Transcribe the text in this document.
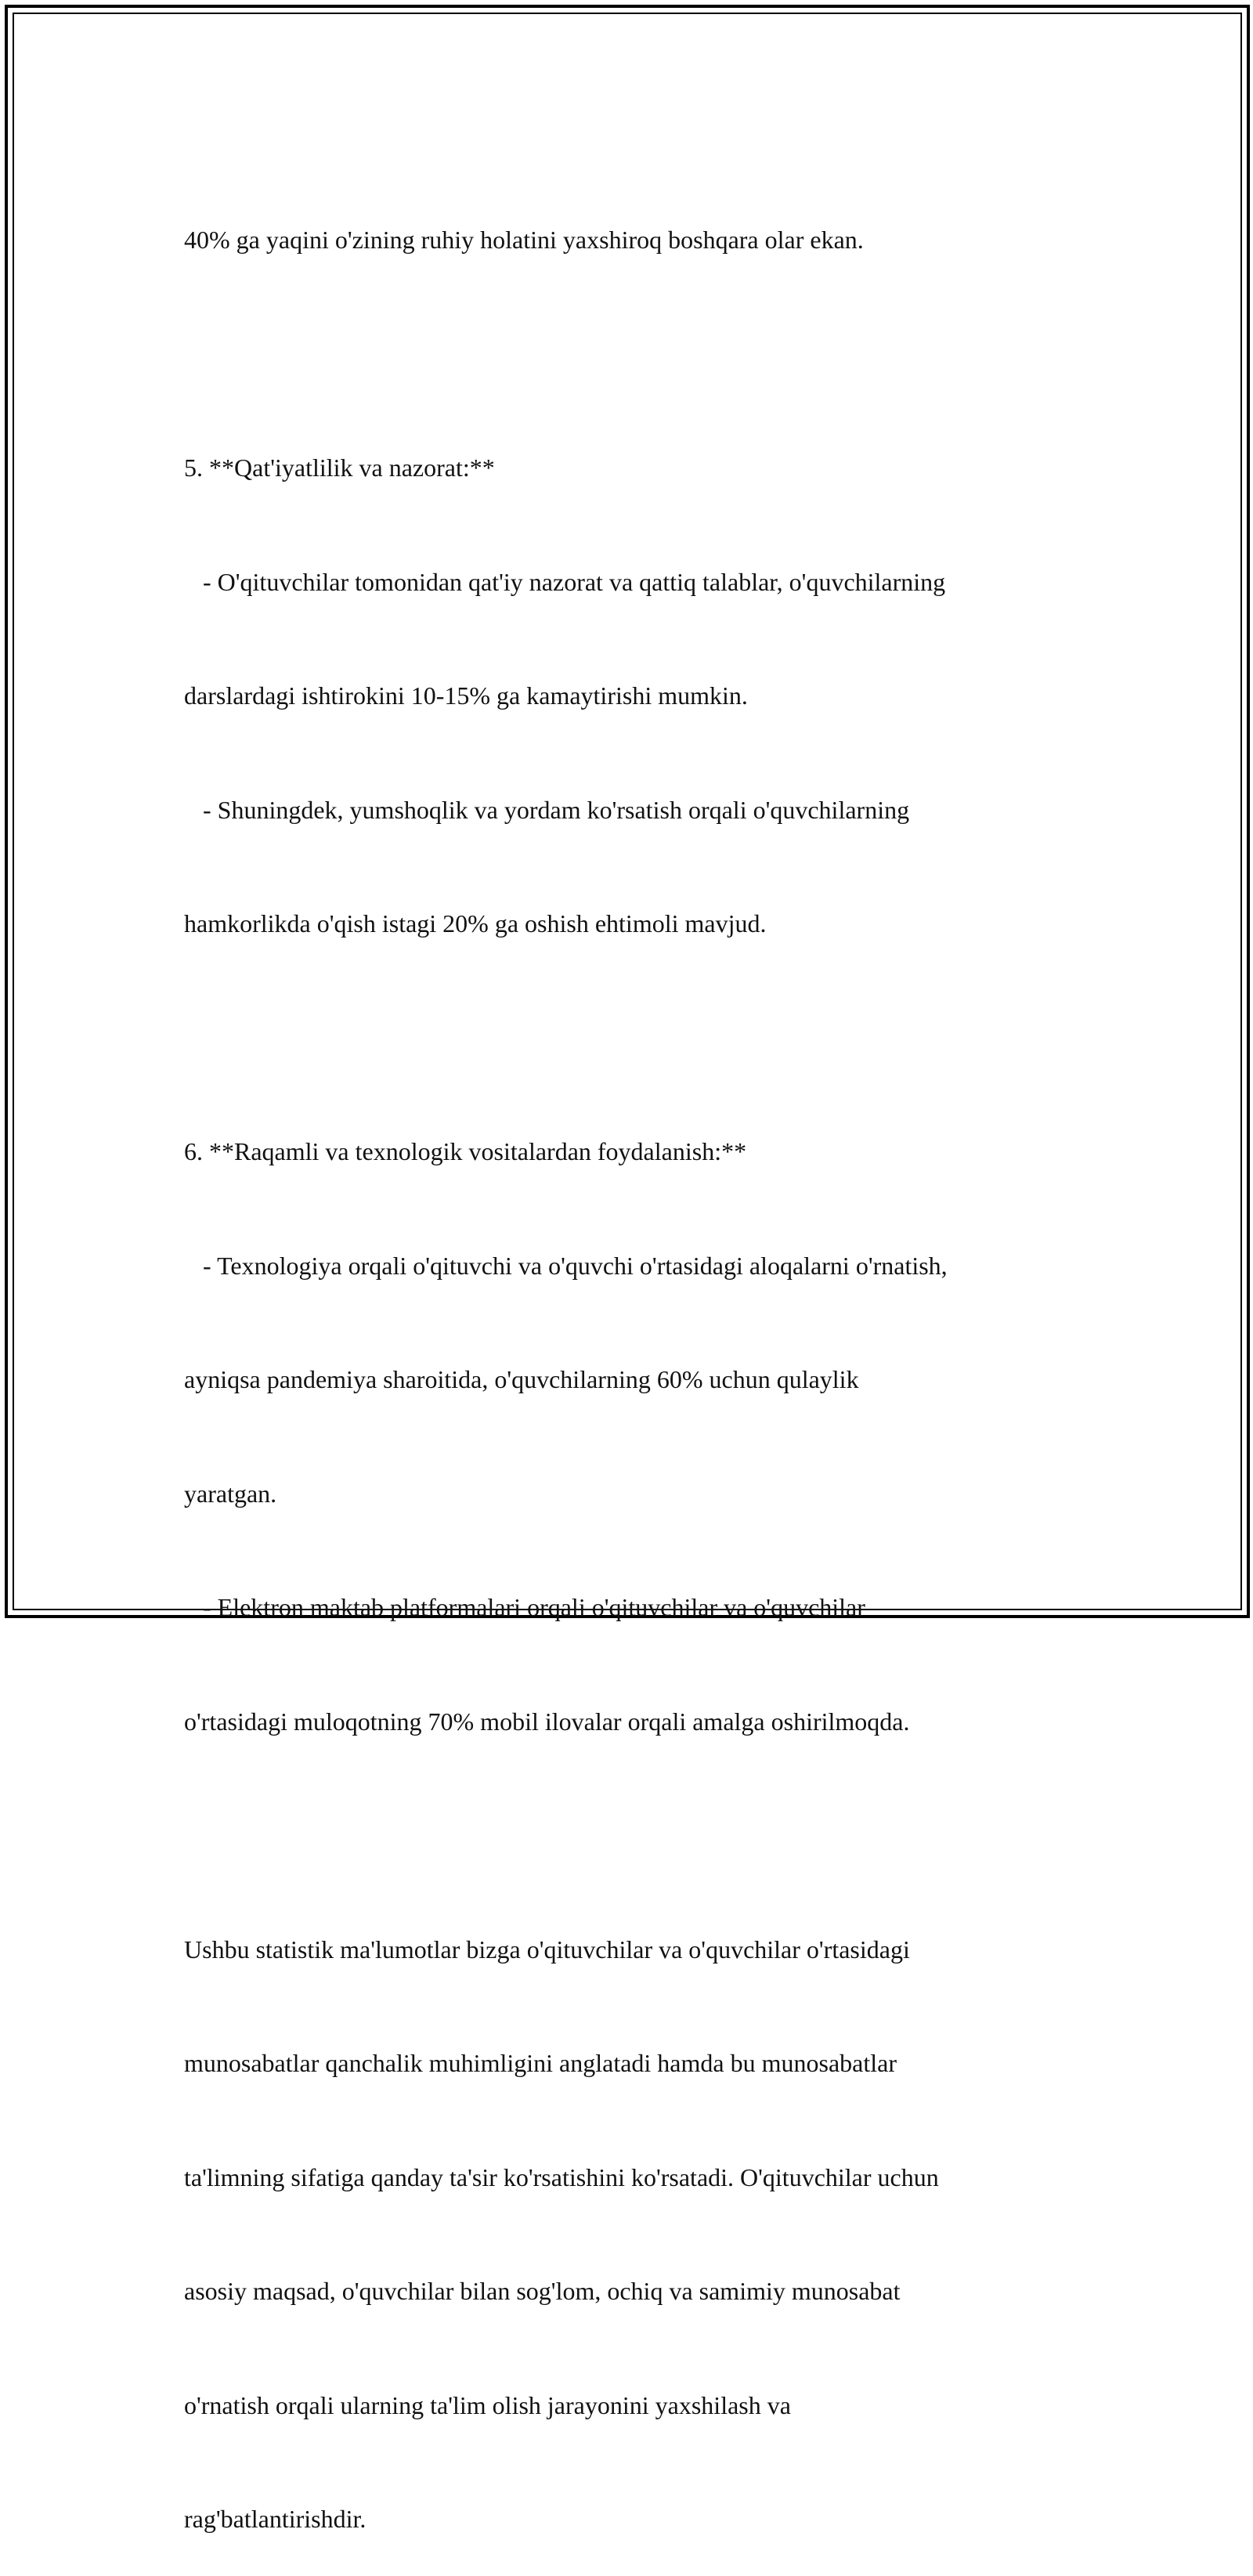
40% ga yaqini o'zining ruhiy holatini yaxshiroq boshqara olar ekan.

5. **Qat'iyatlilik va nazorat:**

- O'qituvchilar tomonidan qat'iy nazorat va qattiq talablar, o'quvchilarning

darslardagi ishtirokini 10-15% ga kamaytirishi mumkin.

- Shuningdek, yumshoqlik va yordam ko'rsatish orqali o'quvchilarning

hamkorlikda o'qish istagi 20% ga oshish ehtimoli mavjud.

6. **Raqamli va texnologik vositalardan foydalanish:**

- Texnologiya orqali o'qituvchi va o'quvchi o'rtasidagi aloqalarni o'rnatish,

ayniqsa pandemiya sharoitida, o'quvchilarning 60% uchun qulaylik

yaratgan.

- Elektron maktab platformalari orqali o'qituvchilar va o'quvchilar

o'rtasidagi muloqotning 70% mobil ilovalar orqali amalga oshirilmoqda.

Ushbu statistik ma'lumotlar bizga o'qituvchilar va o'quvchilar o'rtasidagi

munosabatlar qanchalik muhimligini anglatadi hamda bu munosabatlar

ta'limning sifatiga qanday ta'sir ko'rsatishini ko'rsatadi. O'qituvchilar uchun

asosiy maqsad, o'quvchilar bilan sog'lom, ochiq va samimiy munosabat

o'rnatish orqali ularning ta'lim olish jarayonini yaxshilash va

rag'batlantirishdir.
